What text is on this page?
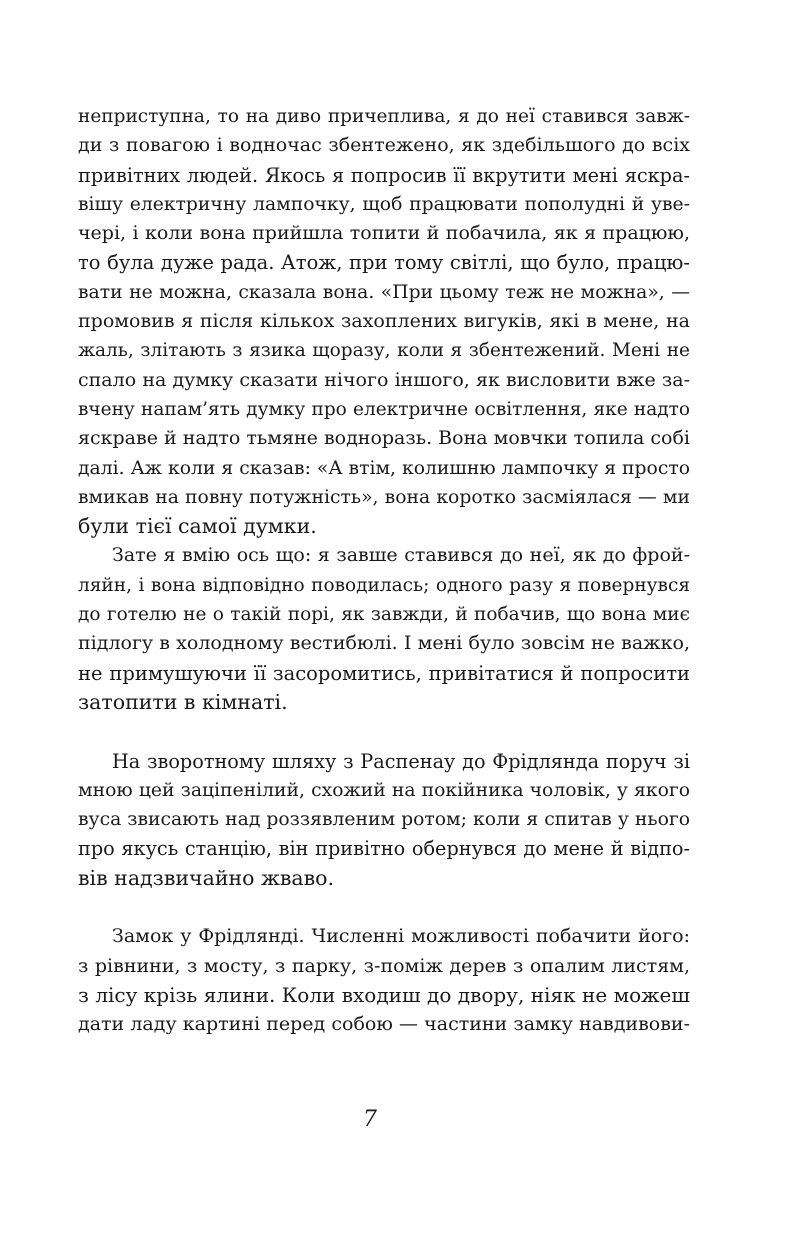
неприступна, то на диво причеплива, я до неї ставився завж-
ди з повагою і водночас збентежено, як здебільшого до всіх
привітних людей. Якось я попросив її вкрутити мені яскра-
вішу електричну лампочку, щоб працювати пополудні й уве-
чері, і коли вона прийшла топити й побачила, як я працюю,
то була дуже рада. Атож, при тому світлі, що було, працю-
вати не можна, сказала вона. «При цьому теж не можна», —
промовив я після кількох захоплених вигуків, які в мене, на
жаль, злітають з язика щоразу, коли я збентежений. Мені не
спало на думку сказати нічого іншого, як висловити вже за-
вчену напам’ять думку про електричне освітлення, яке надто
яскраве й надто тьмяне водноразь. Вона мовчки топила собі
далі. Аж коли я сказав: «А втім, колишню лампочку я просто
вмикав на повну потужність», вона коротко засміялася — ми
були тієї самої думки.
Зате я вмію ось що: я завше ставився до неї, як до фрой-
ляйн, і вона відповідно поводилась; одного разу я повернувся
до готелю не о такій порі, як завжди, й побачив, що вона миє
підлогу в холодному вестибюлі. І мені було зовсім не важко,
не примушуючи її засоромитись, привітатися й попросити
затопити в кімнаті.
На зворотному шляху з Распенау до Фрідлянда поруч зі
мною цей заціпенілий, схожий на покійника чоловік, у якого
вуса звисають над роззявленим ротом; коли я спитав у нього
про якусь станцію, він привітно обернувся до мене й відпо-
вів надзвичайно жваво.
Замок у Фрідлянді. Численні можливості побачити його:
з рівнини, з мосту, з парку, з-поміж дерев з опалим листям,
з лісу крізь ялини. Коли входиш до двору, ніяк не можеш
дати ладу картині перед собою — частини замку навдивови-
7
